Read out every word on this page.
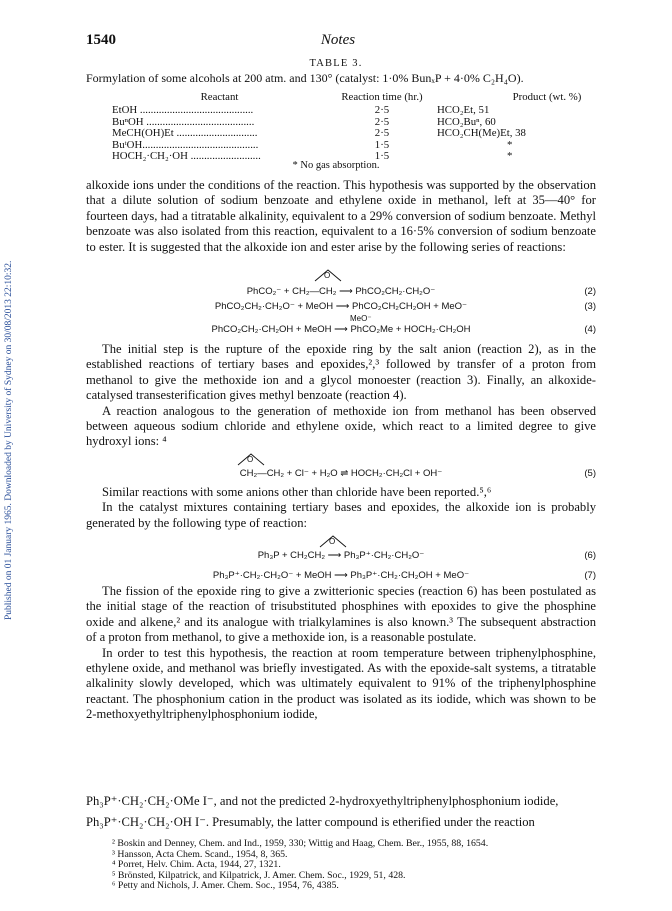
Published on 01 January 1965. Downloaded by University of Sydney on 30/08/2013 22:10:32.
1540	Notes
TABLE 3.
Formylation of some alcohols at 200 atm. and 130° (catalyst: 1·0% BunₓP + 4·0% C₂H₄O).
Reactant	Reaction time (hr.)	Product (wt. %)
EtOH ..........................................	2·5	HCO₂Et, 51
BuⁿOH ........................................	2·5	HCO₂Buⁿ, 60
MeCH(OH)Et ..............................	2·5	HCO₂CH(Me)Et, 38
BuᵗOH...........................................	1·5	*
HOCH₂·CH₂·OH ..........................	1·5	*
* No gas absorption.

alkoxide ions under the conditions of the reaction. This hypothesis was supported by the observation that a dilute solution of sodium benzoate and ethylene oxide in methanol, left at 35—40° for fourteen days, had a titratable alkalinity, equivalent to a 29% conversion of sodium benzoate. Methyl benzoate was also isolated from this reaction, equivalent to a 16·5% conversion of sodium benzoate to ester. It is suggested that the alkoxide ion and ester arise by the following series of reactions:

O
PhCO₂⁻ + CH₂—CH₂ ⟶ PhCO₂CH₂·CH₂O⁻	(2)
PhCO₂CH₂·CH₂O⁻ + MeOH ⟶ PhCO₂CH₂CH₂OH + MeO⁻	(3)
MeO⁻
PhCO₂CH₂·CH₂OH + MeOH ⟶ PhCO₂Me + HOCH₂·CH₂OH	(4)

The initial step is the rupture of the epoxide ring by the salt anion (reaction 2), as in the established reactions of tertiary bases and epoxides,²,³ followed by transfer of a proton from methanol to give the methoxide ion and a glycol monoester (reaction 3). Finally, an alkoxide-catalysed transesterification gives methyl benzoate (reaction 4).

A reaction analogous to the generation of methoxide ion from methanol has been observed between aqueous sodium chloride and ethylene oxide, which react to a limited degree to give hydroxyl ions: ⁴

O
CH₂—CH₂ + Cl⁻ + H₂O ⇌ HOCH₂·CH₂Cl + OH⁻	(5)

Similar reactions with some anions other than chloride have been reported.⁵,⁶

In the catalyst mixtures containing tertiary bases and epoxides, the alkoxide ion is probably generated by the following type of reaction:

O
Ph₃P + CH₂CH₂ ⟶ Ph₃P⁺·CH₂·CH₂O⁻	(6)
Ph₃P⁺·CH₂·CH₂O⁻ + MeOH ⟶ Ph₃P⁺·CH₂·CH₂OH + MeO⁻	(7)

The fission of the epoxide ring to give a zwitterionic species (reaction 6) has been postulated as the initial stage of the reaction of trisubstituted phosphines with epoxides to give the phosphine oxide and alkene,² and its analogue with trialkylamines is also known.³ The subsequent abstraction of a proton from methanol, to give a methoxide ion, is a reasonable postulate.

In order to test this hypothesis, the reaction at room temperature between triphenylphosphine, ethylene oxide, and methanol was briefly investigated. As with the epoxide-salt systems, a titratable alkalinity slowly developed, which was ultimately equivalent to 91% of the triphenylphosphine reactant. The phosphonium cation in the product was isolated as its iodide, which was shown to be 2-methoxyethyltriphenylphosphonium iodide,

Ph₃P⁺·CH₂·CH₂·OMe I⁻, and not the predicted 2-hydroxyethyltriphenylphosphonium iodide,

Ph₃P⁺·CH₂·CH₂·OH I⁻. Presumably, the latter compound is etherified under the reaction

² Boskin and Denney, Chem. and Ind., 1959, 330; Wittig and Haag, Chem. Ber., 1955, 88, 1654.
³ Hansson, Acta Chem. Scand., 1954, 8, 365.
⁴ Porret, Helv. Chim. Acta, 1944, 27, 1321.
⁵ Brönsted, Kilpatrick, and Kilpatrick, J. Amer. Chem. Soc., 1929, 51, 428.
⁶ Petty and Nichols, J. Amer. Chem. Soc., 1954, 76, 4385.
